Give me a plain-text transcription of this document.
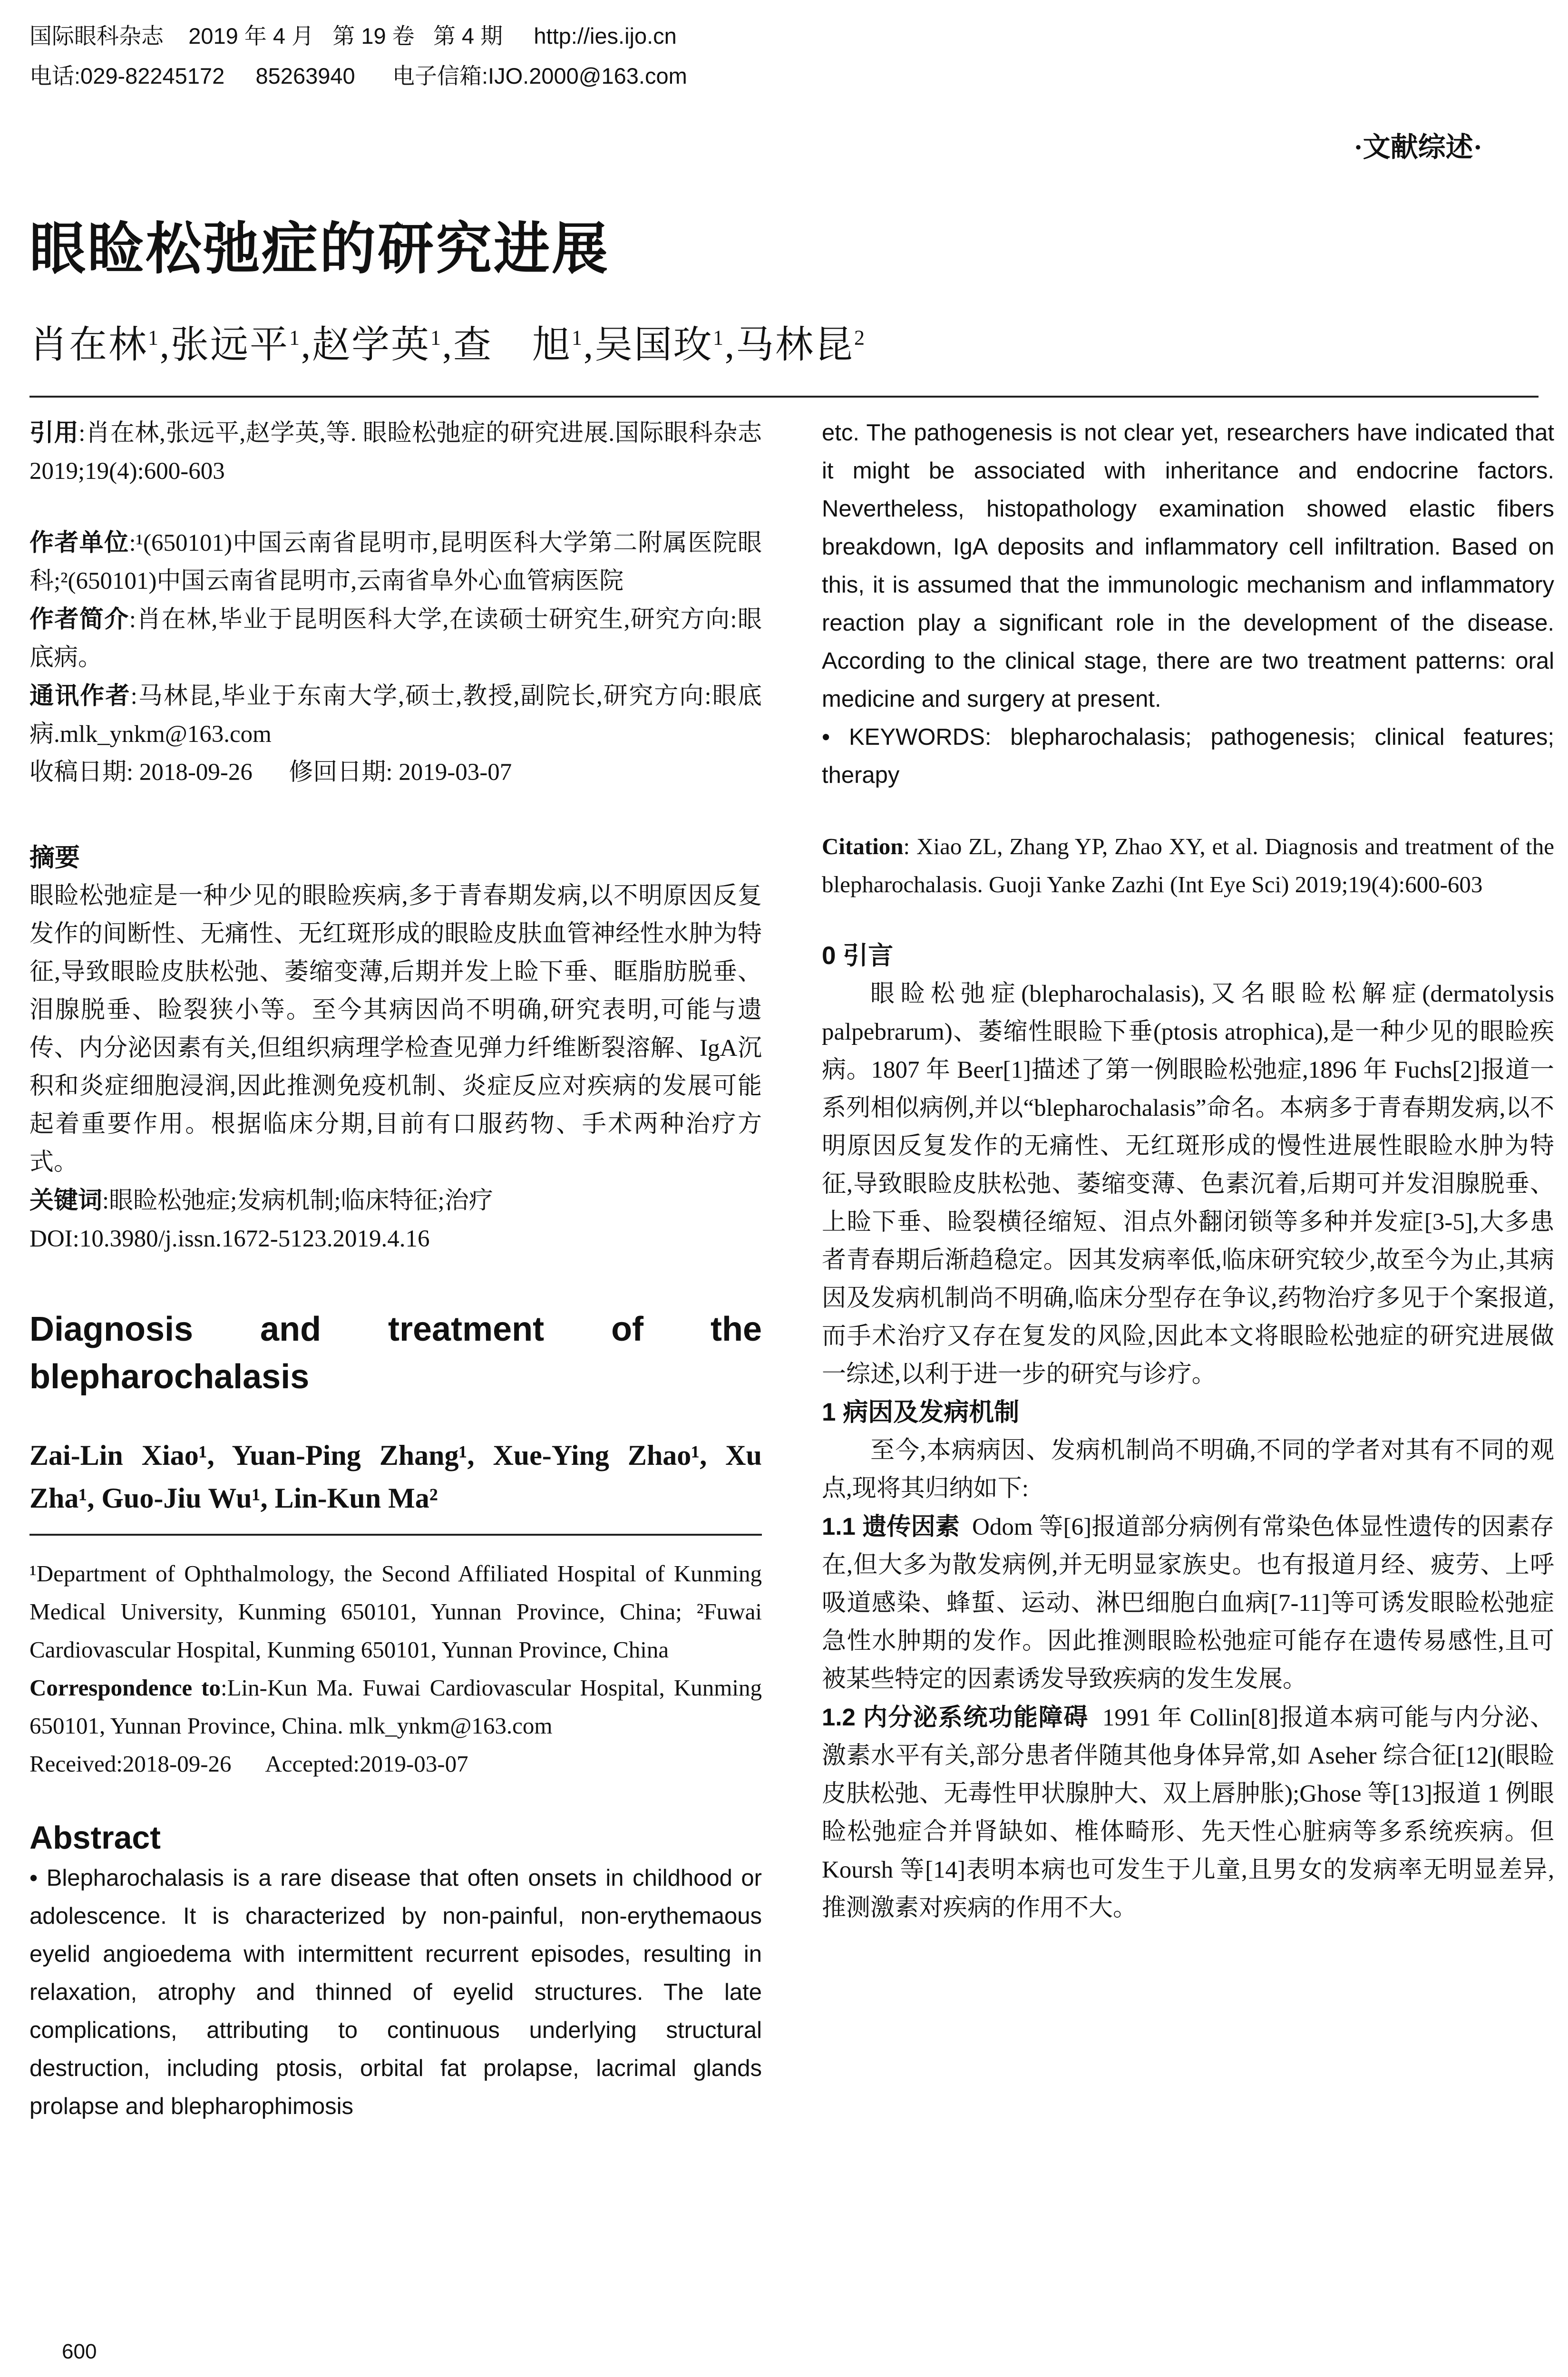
国际眼科杂志    2019 年 4 月   第 19 卷   第 4 期     http://ies.ijo.cn
电话:029-82245172     85263940      电子信箱:IJO.2000@163.com
·文献综述·
眼睑松弛症的研究进展
肖在林$^1$,张远平$^1$,赵学英$^1$,查　旭$^1$,吴国玫$^1$,马林昆$^2$

引用:肖在林,张远平,赵学英,等. 眼睑松弛症的研究进展.国际眼科杂志 2019;19(4):600-603

作者单位:¹(650101)中国云南省昆明市,昆明医科大学第二附属医院眼科;²(650101)中国云南省昆明市,云南省阜外心血管病医院

作者简介:肖在林,毕业于昆明医科大学,在读硕士研究生,研究方向:眼底病。

通讯作者:马林昆,毕业于东南大学,硕士,教授,副院长,研究方向:眼底病.mlk_ynkm@163.com

收稿日期: 2018-09-26      修回日期: 2019-03-07

摘要

眼睑松弛症是一种少见的眼睑疾病,多于青春期发病,以不明原因反复发作的间断性、无痛性、无红斑形成的眼睑皮肤血管神经性水肿为特征,导致眼睑皮肤松弛、萎缩变薄,后期并发上睑下垂、眶脂肪脱垂、泪腺脱垂、睑裂狭小等。至今其病因尚不明确,研究表明,可能与遗传、内分泌因素有关,但组织病理学检查见弹力纤维断裂溶解、IgA沉积和炎症细胞浸润,因此推测免疫机制、炎症反应对疾病的发展可能起着重要作用。根据临床分期,目前有口服药物、手术两种治疗方式。

关键词:眼睑松弛症;发病机制;临床特征;治疗

DOI:10.3980/j.issn.1672-5123.2019.4.16

Diagnosis and treatment of the blepharochalasis

Zai-Lin Xiao¹, Yuan-Ping Zhang¹, Xue-Ying Zhao¹, Xu Zha¹, Guo-Jiu Wu¹, Lin-Kun Ma²

¹Department of Ophthalmology, the Second Affiliated Hospital of Kunming Medical University, Kunming 650101, Yunnan Province, China; ²Fuwai Cardiovascular Hospital, Kunming 650101, Yunnan Province, China

Correspondence to:Lin-Kun Ma. Fuwai Cardiovascular Hospital, Kunming 650101, Yunnan Province, China. mlk_ynkm@163.com

Received:2018-09-26      Accepted:2019-03-07

Abstract

• Blepharochalasis is a rare disease that often onsets in childhood or adolescence. It is characterized by non-painful, non-erythemaous eyelid angioedema with intermittent recurrent episodes, resulting in relaxation, atrophy and thinned of eyelid structures. The late complications, attributing to continuous underlying structural destruction, including ptosis, orbital fat prolapse, lacrimal glands prolapse and blepharophimosis

etc. The pathogenesis is not clear yet, researchers have indicated that it might be associated with inheritance and endocrine factors. Nevertheless, histopathology examination showed elastic fibers breakdown, IgA deposits and inflammatory cell infiltration. Based on this, it is assumed that the immunologic mechanism and inflammatory reaction play a significant role in the development of the disease. According to the clinical stage, there are two treatment patterns: oral medicine and surgery at present.

• KEYWORDS: blepharochalasis; pathogenesis; clinical features; therapy

Citation: Xiao ZL, Zhang YP, Zhao XY, et al. Diagnosis and treatment of the blepharochalasis. Guoji Yanke Zazhi (Int Eye Sci) 2019;19(4):600-603

0 引言

眼睑松弛症(blepharochalasis),又名眼睑松解症(dermatolysis palpebrarum)、萎缩性眼睑下垂(ptosis atrophica),是一种少见的眼睑疾病。1807 年 Beer[1]描述了第一例眼睑松弛症,1896 年 Fuchs[2]报道一系列相似病例,并以“blepharochalasis”命名。本病多于青春期发病,以不明原因反复发作的无痛性、无红斑形成的慢性进展性眼睑水肿为特征,导致眼睑皮肤松弛、萎缩变薄、色素沉着,后期可并发泪腺脱垂、上睑下垂、睑裂横径缩短、泪点外翻闭锁等多种并发症[3-5],大多患者青春期后渐趋稳定。因其发病率低,临床研究较少,故至今为止,其病因及发病机制尚不明确,临床分型存在争议,药物治疗多见于个案报道,而手术治疗又存在复发的风险,因此本文将眼睑松弛症的研究进展做一综述,以利于进一步的研究与诊疗。

1 病因及发病机制

至今,本病病因、发病机制尚不明确,不同的学者对其有不同的观点,现将其归纳如下:

1.1 遗传因素 Odom 等[6]报道部分病例有常染色体显性遗传的因素存在,但大多为散发病例,并无明显家族史。也有报道月经、疲劳、上呼吸道感染、蜂蜇、运动、淋巴细胞白血病[7-11]等可诱发眼睑松弛症急性水肿期的发作。因此推测眼睑松弛症可能存在遗传易感性,且可被某些特定的因素诱发导致疾病的发生发展。

1.2 内分泌系统功能障碍 1991 年 Collin[8]报道本病可能与内分泌、激素水平有关,部分患者伴随其他身体异常,如 Aseher 综合征[12](眼睑皮肤松弛、无毒性甲状腺肿大、双上唇肿胀);Ghose 等[13]报道 1 例眼睑松弛症合并肾缺如、椎体畸形、先天性心脏病等多系统疾病。但 Koursh 等[14]表明本病也可发生于儿童,且男女的发病率无明显差异,推测激素对疾病的作用不大。

600
